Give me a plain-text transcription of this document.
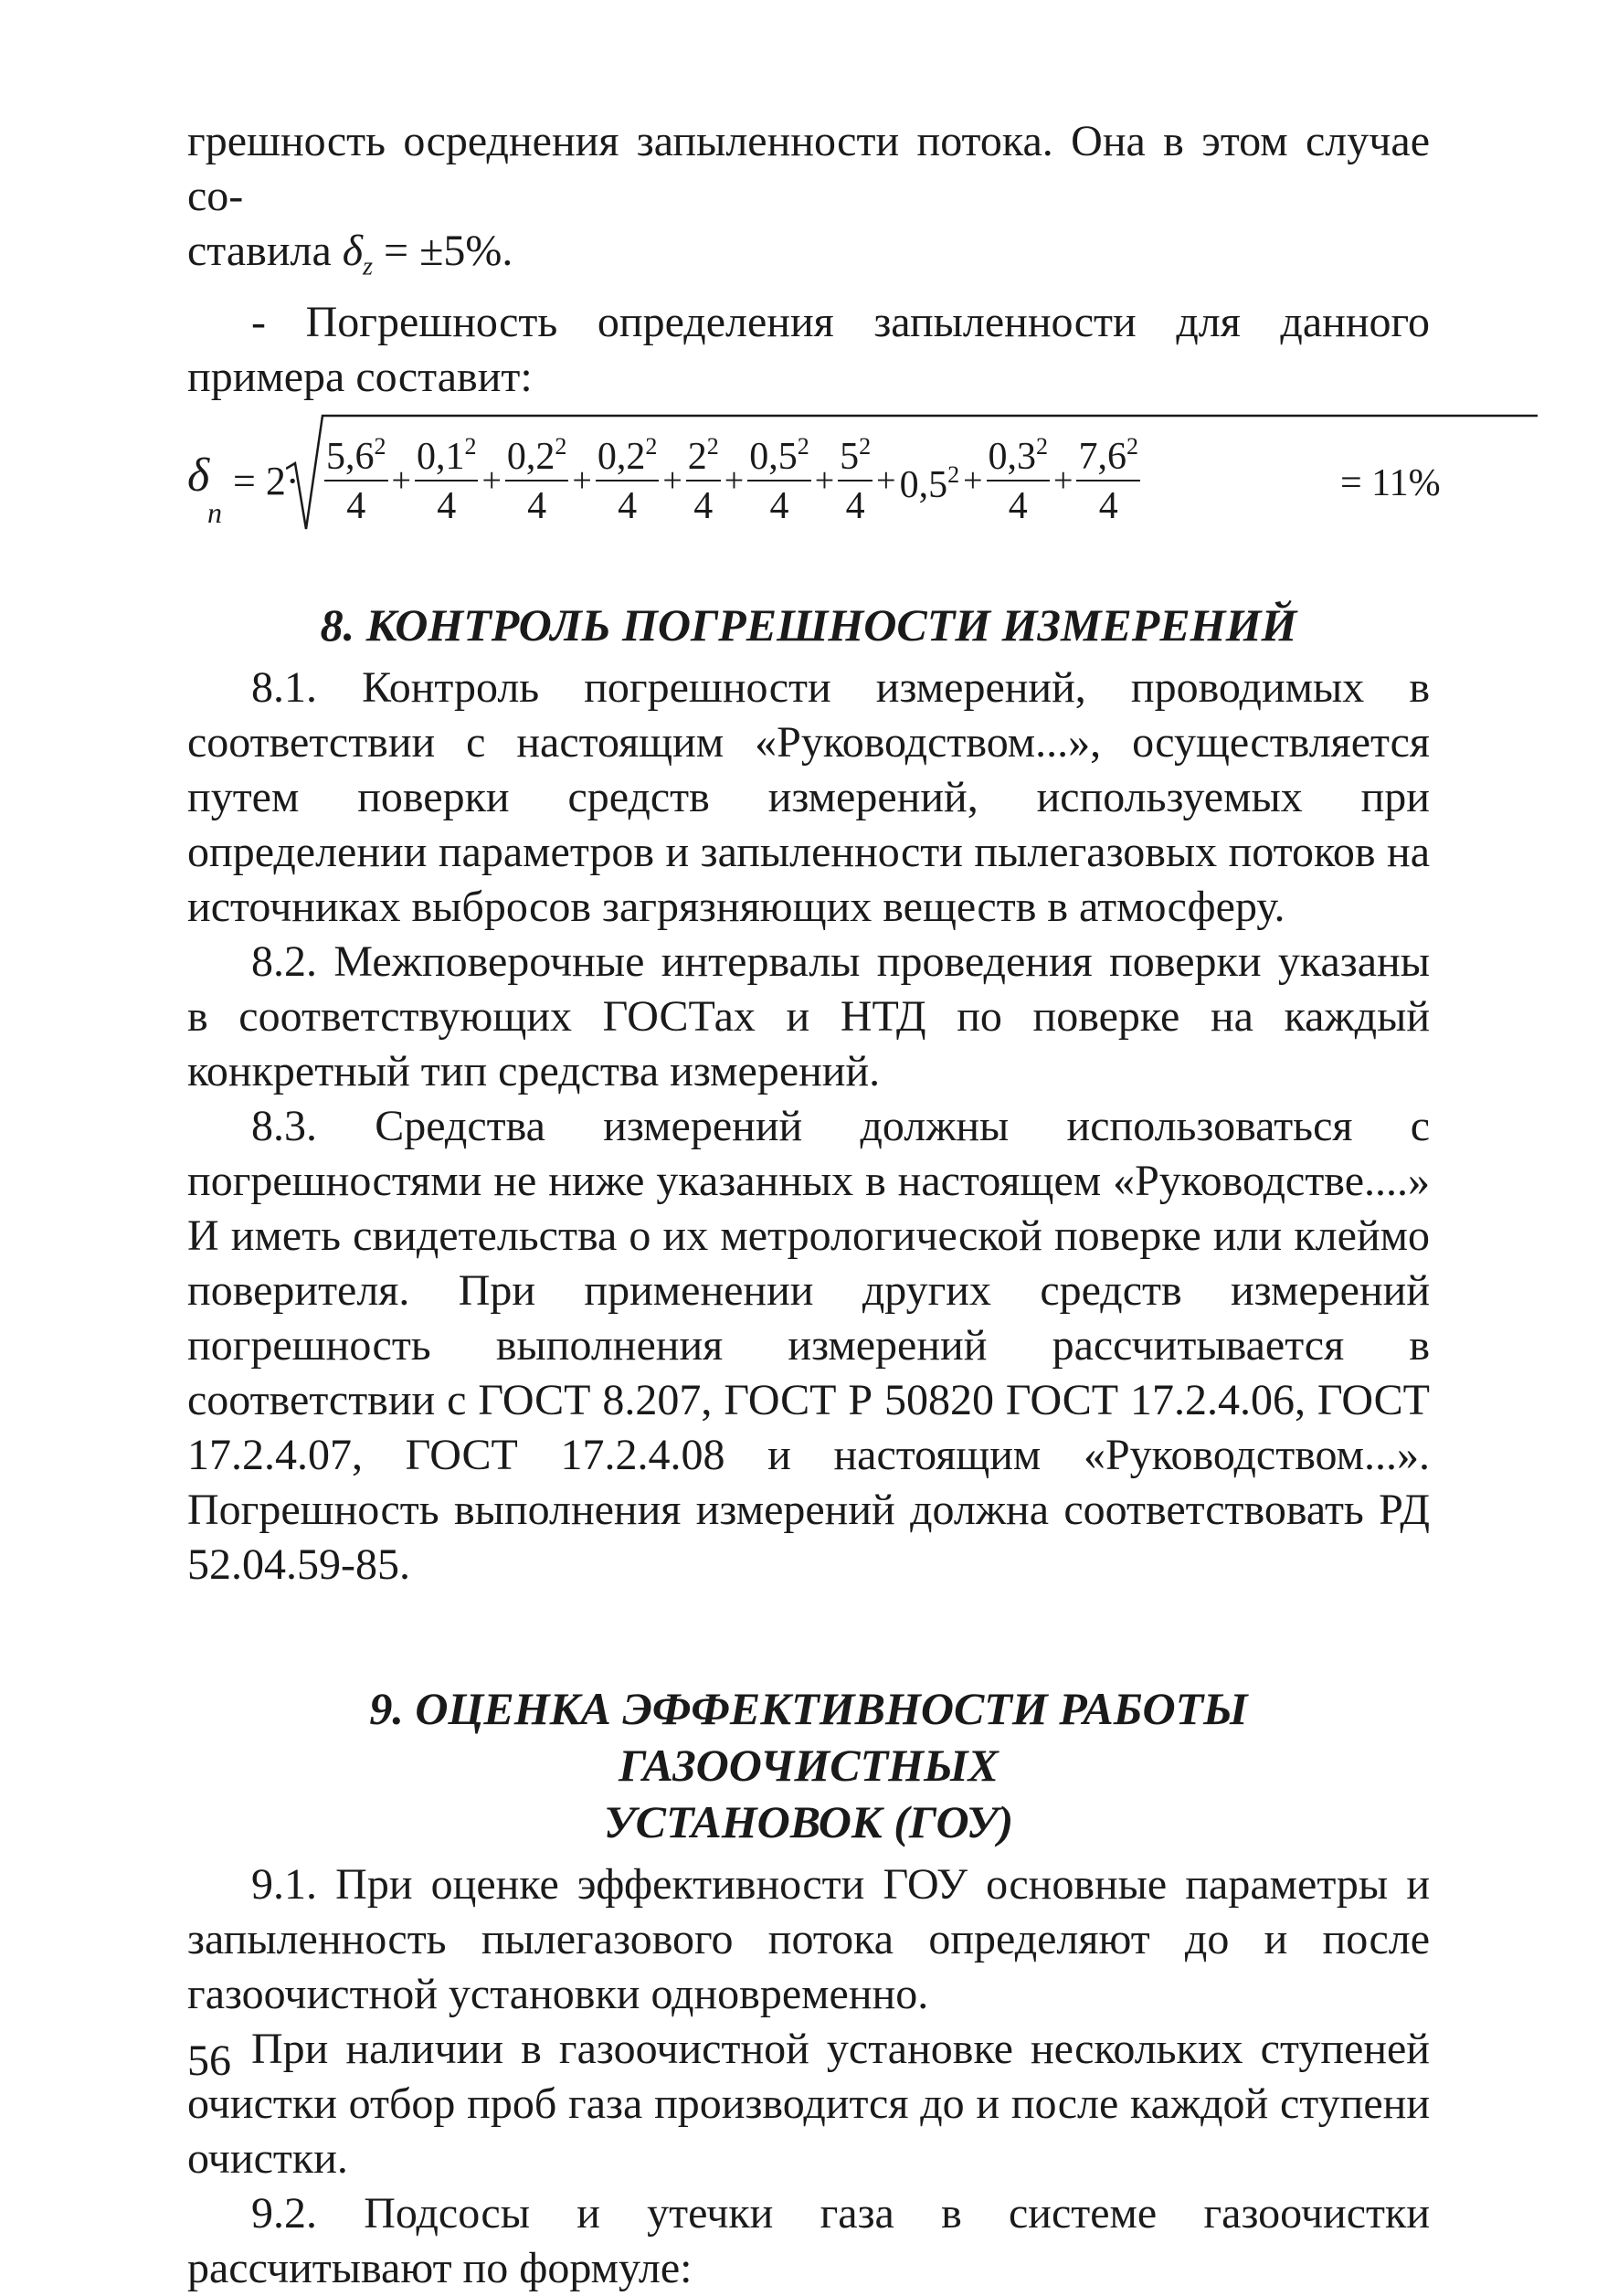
грешность осреднения запыленности потока. Она в этом случае со-

ставила $\delta_z = \pm 5\%$.

- Погрешность определения запыленности для данного примера составит:

δ
п
= $2\cdot \frac{5,6^2}{4} + \frac{0,1^2}{4} + \frac{0,2^2}{4} + \frac{0,2^2}{4} + \frac{2^2}{4} + \frac{0,5^2}{4} + \frac{5^2}{4} + 0,5^2 + \frac{0,3^2}{4} + \frac{7,6^2}{4}$	= 11%

8. КОНТРОЛЬ ПОГРЕШНОСТИ ИЗМЕРЕНИЙ

8.1. Контроль погрешности измерений, проводимых в соответствии с настоящим «Руководством...», осуществляется путем поверки средств измерений, используемых при определении параметров и запыленности пылегазовых потоков на источниках выбросов загрязняющих веществ в атмосферу.

8.2. Межповерочные интервалы проведения поверки указаны в соответствующих ГОСТах и НТД по поверке на каждый конкретный тип средства измерений.

8.3. Средства измерений должны использоваться с погрешностями не ниже указанных в настоящем «Руководстве....» И иметь свидетельства о их метрологической поверке или клеймо поверителя. При применении других средств измерений погрешность выполнения измерений рассчитывается в соответствии с ГОСТ 8.207, ГОСТ Р 50820 ГОСТ 17.2.4.06, ГОСТ 17.2.4.07, ГОСТ 17.2.4.08 и настоящим «Руководством...». Погрешность выполнения измерений должна соответствовать РД 52.04.59-85.

9. ОЦЕНКА ЭФФЕКТИВНОСТИ РАБОТЫ ГАЗООЧИСТНЫХ

УСТАНОВОК (ГОУ)

9.1. При оценке эффективности ГОУ основные параметры и запыленность пылегазового потока определяют до и после газоочистной установки одновременно.

При наличии в газоочистной установке нескольких ступеней очистки отбор проб газа производится до и после каждой ступени очистки.

9.2. Подсосы и утечки газа в системе газоочистки рассчитывают по формуле:

56
